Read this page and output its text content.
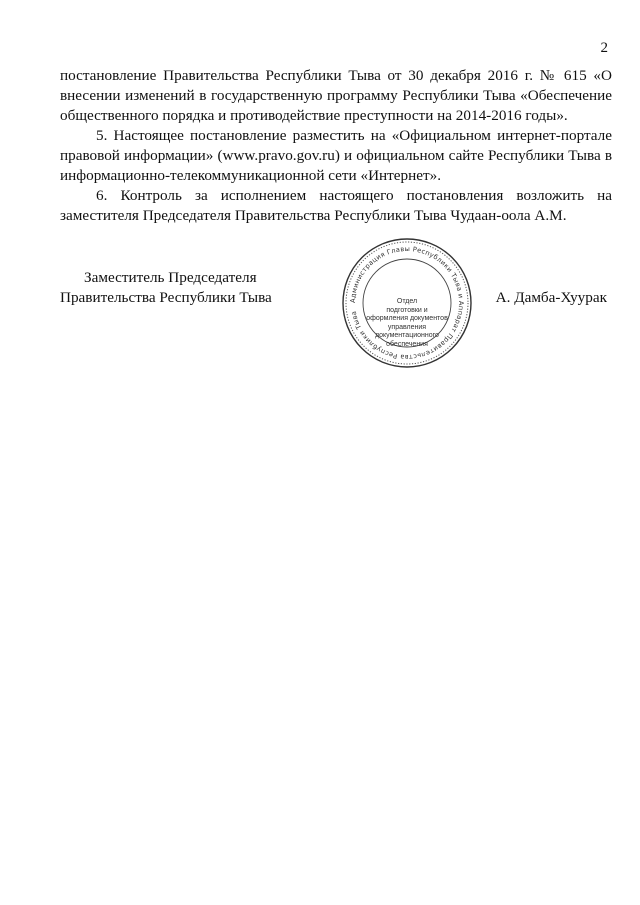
2

постановление Правительства Республики Тыва от 30 декабря 2016 г. № 615 «О внесении изменений в государственную программу Республики Тыва «Обеспечение общественного порядка и противодействие преступности на 2014-2016 годы».

5. Настоящее постановление разместить на «Официальном интернет-портале правовой информации» (www.pravo.gov.ru) и официальном сайте Республики Тыва в информационно-телекоммуникационной сети «Интернет».

6. Контроль за исполнением настоящего постановления возложить на заместителя Председателя Правительства Республики Тыва Чудаан-оола А.М.

Заместитель Председателя
Правительства Республики Тыва	Администрация Главы Республики Тыва и Аппарат Правительства Республики Тыва
Отдел
подготовки и
оформления документов
управления
документационного
обеспечения
А. Дамба-Хуурак
